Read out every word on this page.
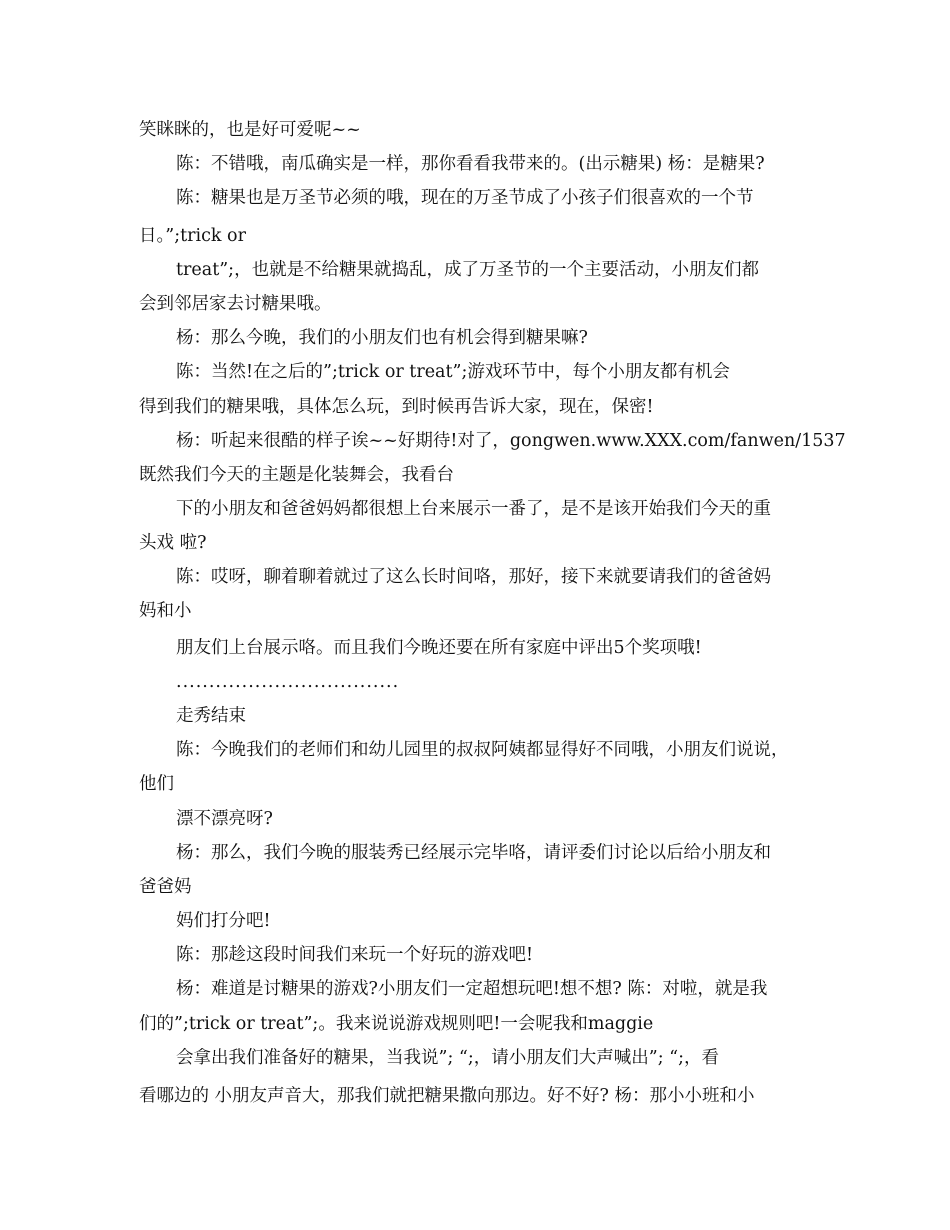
笑眯眯的，也是好可爱呢~~
陈：不错哦，南瓜确实是一样，那你看看我带来的。(出示糖果) 杨：是糖果?
陈：糖果也是万圣节必须的哦，现在的万圣节成了小孩子们很喜欢的一个节
日。”;trick or
treat”;，也就是不给糖果就捣乱，成了万圣节的一个主要活动，小朋友们都
会到邻居家去讨糖果哦。
杨：那么今晚，我们的小朋友们也有机会得到糖果嘛?
陈：当然!在之后的”;trick or treat”;游戏环节中，每个小朋友都有机会
得到我们的糖果哦，具体怎么玩，到时候再告诉大家，现在，保密!
杨：听起来很酷的样子诶~~好期待!对了，gongwen.www.XXX.com/fanwen/1537
既然我们今天的主题是化装舞会，我看台
下的小朋友和爸爸妈妈都很想上台来展示一番了，是不是该开始我们今天的重
头戏 啦?
陈：哎呀，聊着聊着就过了这么长时间咯，那好，接下来就要请我们的爸爸妈
妈和小
朋友们上台展示咯。而且我们今晚还要在所有家庭中评出5个奖项哦!
..................................
走秀结束
陈：今晚我们的老师们和幼儿园里的叔叔阿姨都显得好不同哦，小朋友们说说，
他们
漂不漂亮呀?
杨：那么，我们今晚的服装秀已经展示完毕咯，请评委们讨论以后给小朋友和
爸爸妈
妈们打分吧!
陈：那趁这段时间我们来玩一个好玩的游戏吧!
杨：难道是讨糖果的游戏?小朋友们一定超想玩吧!想不想? 陈：对啦，就是我
们的”;trick or treat”;。我来说说游戏规则吧!一会呢我和maggie
会拿出我们准备好的糖果，当我说”; “;，请小朋友们大声喊出”; “;，看
看哪边的 小朋友声音大，那我们就把糖果撒向那边。好不好? 杨：那小小班和小
